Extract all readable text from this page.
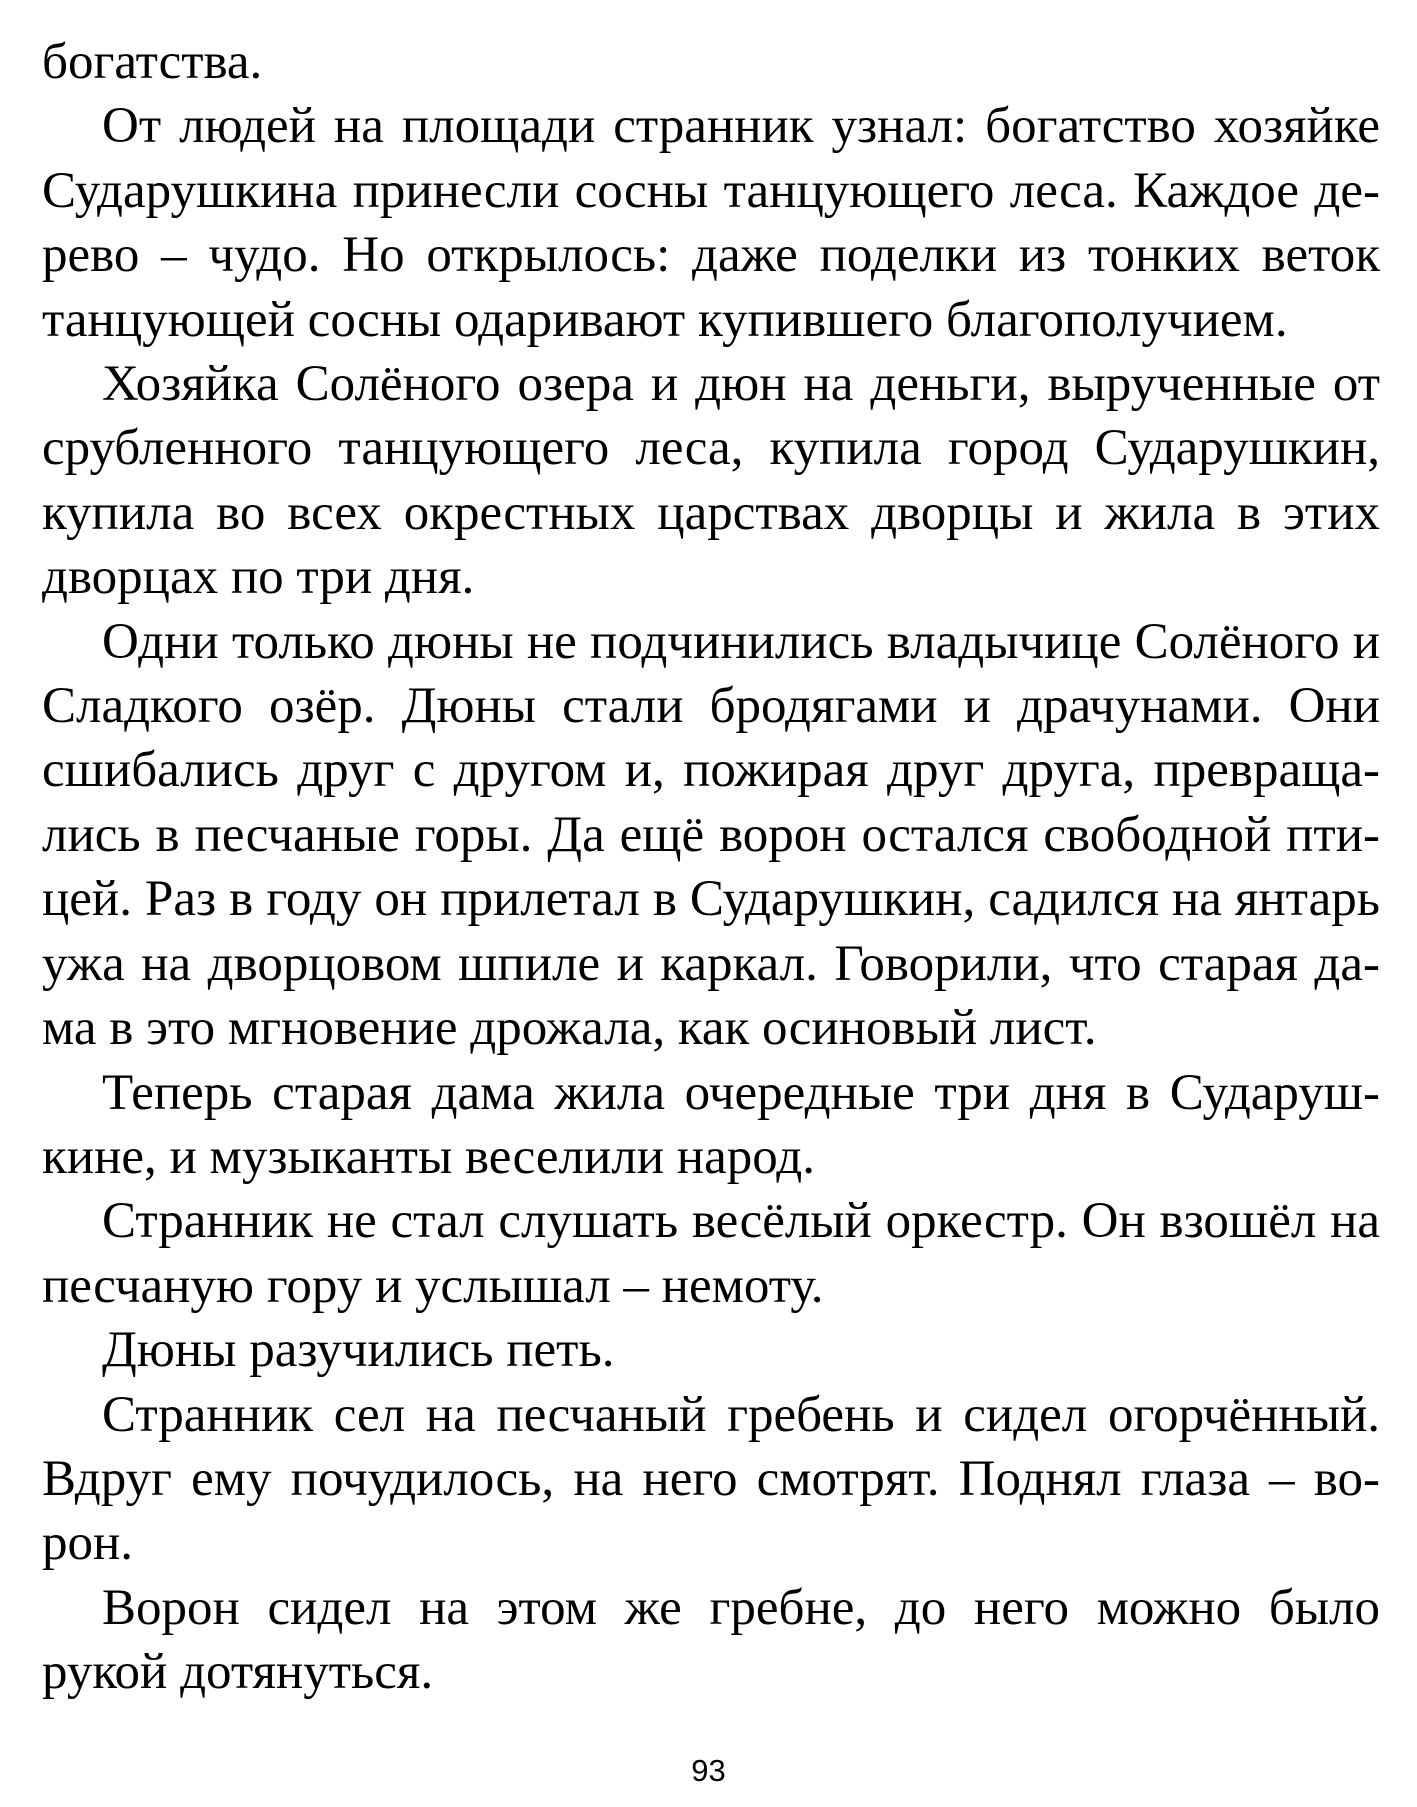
богатства.

От людей на площади странник узнал: богатство хозяйке Сударушкина принесли сосны танцующего леса. Каждое де- рево – чудо. Но открылось: даже поделки из тонких веток танцующей сосны одаривают купившего благополучием.

Хозяйка Солёного озера и дюн на деньги, вырученные от срубленного танцующего леса, купила город Сударушкин, купила во всех окрестных царствах дворцы и жила в этих дворцах по три дня.

Одни только дюны не подчинились владычице Солёного и Сладкого озёр. Дюны стали бродягами и драчунами. Они сшибались друг с другом и, пожирая друг друга, превраща- лись в песчаные горы. Да ещё ворон остался свободной пти- цей. Раз в году он прилетал в Сударушкин, садился на янтарь ужа на дворцовом шпиле и каркал. Говорили, что старая да- ма в это мгновение дрожала, как осиновый лист.

Теперь старая дама жила очередные три дня в Сударуш- кине, и музыканты веселили народ.

Странник не стал слушать весёлый оркестр. Он взошёл на песчаную гору и услышал – немоту.

Дюны разучились петь.

Странник сел на песчаный гребень и сидел огорчённый. Вдруг ему почудилось, на него смотрят. Поднял глаза – во- рон.

Ворон сидел на этом же гребне, до него можно было рукой дотянуться.

93
